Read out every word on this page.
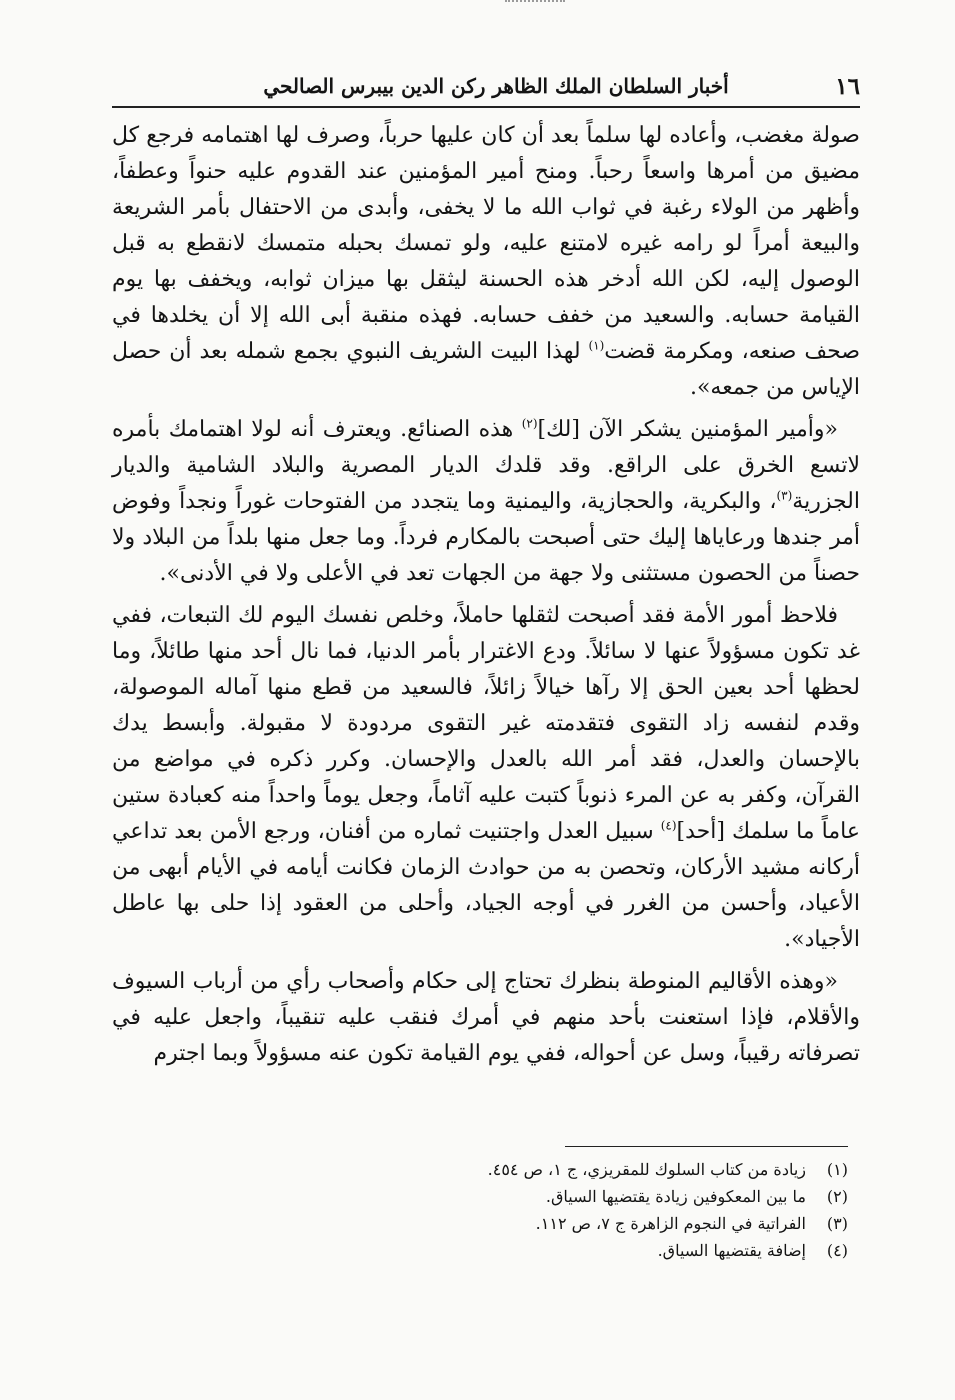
١٦
أخبار السلطان الملك الظاهر ركن الدين بيبرس الصالحي

صولة مغضب، وأعاده لها سلماً بعد أن كان عليها حرباً، وصرف لها اهتمامه فرجع كل مضيق من أمرها واسعاً رحباً. ومنح أمير المؤمنين عند القدوم عليه حنواً وعطفاً، وأظهر من الولاء رغبة في ثواب الله ما لا يخفى، وأبدى من الاحتفال بأمر الشريعة والبيعة أمراً لو رامه غيره لامتنع عليه، ولو تمسك بحبله متمسك لانقطع به قبل الوصول إليه، لكن الله أدخر هذه الحسنة ليثقل بها ميزان ثوابه، ويخفف بها يوم القيامة حسابه. والسعيد من خفف حسابه. فهذه منقبة أبى الله إلا أن يخلدها في صحف صنعه، ومكرمة قضت$^{(١)}$ لهذا البيت الشريف النبوي بجمع شمله بعد أن حصل الإياس من جمعه».

«وأمير المؤمنين يشكر الآن [لك]$^{(٢)}$ هذه الصنائع. ويعترف أنه لولا اهتمامك بأمره لاتسع الخرق على الراقع. وقد قلدك الديار المصرية والبلاد الشامية والديار الجزرية$^{(٣)}$، والبكرية، والحجازية، واليمنية وما يتجدد من الفتوحات غوراً ونجداً وفوض أمر جندها ورعاياها إليك حتى أصبحت بالمكارم فرداً. وما جعل منها بلداً من البلاد ولا حصناً من الحصون مستثنى ولا جهة من الجهات تعد في الأعلى ولا في الأدنى».

فلاحظ أمور الأمة فقد أصبحت لثقلها حاملاً، وخلص نفسك اليوم لك التبعات، ففي غد تكون مسؤولاً عنها لا سائلاً. ودع الاغترار بأمر الدنيا، فما نال أحد منها طائلاً، وما لحظها أحد بعين الحق إلا رآها خيالاً زائلاً، فالسعيد من قطع منها آماله الموصولة، وقدم لنفسه زاد التقوى فتقدمته غير التقوى مردودة لا مقبولة. وأبسط يدك بالإحسان والعدل، فقد أمر الله بالعدل والإحسان. وكرر ذكره في مواضع من القرآن، وكفر به عن المرء ذنوباً كتبت عليه آثاماً، وجعل يوماً واحداً منه كعبادة ستين عاماً ما سلمك [أحد]$^{(٤)}$ سبيل العدل واجتنيت ثماره من أفنان، ورجع الأمن بعد تداعي أركانه مشيد الأركان، وتحصن به من حوادث الزمان فكانت أيامه في الأيام أبهى من الأعياد، وأحسن من الغرر في أوجه الجياد، وأحلى من العقود إذا حلى بها عاطل الأجياد».

«وهذه الأقاليم المنوطة بنظرك تحتاج إلى حكام وأصحاب رأي من أرباب السيوف والأقلام، فإذا استعنت بأحد منهم في أمرك فنقب عليه تنقيباً، واجعل عليه في تصرفاته رقيباً، وسل عن أحواله، ففي يوم القيامة تكون عنه مسؤولاً وبما اجترم

(١)
زيادة من كتاب السلوك للمقريزي، ج ١، ص ٤٥٤.
(٢)
ما بين المعكوفين زيادة يقتضيها السياق.
(٣)
الفراتية في النجوم الزاهرة ج ٧، ص ١١٢.
(٤)
إضافة يقتضيها السياق.
